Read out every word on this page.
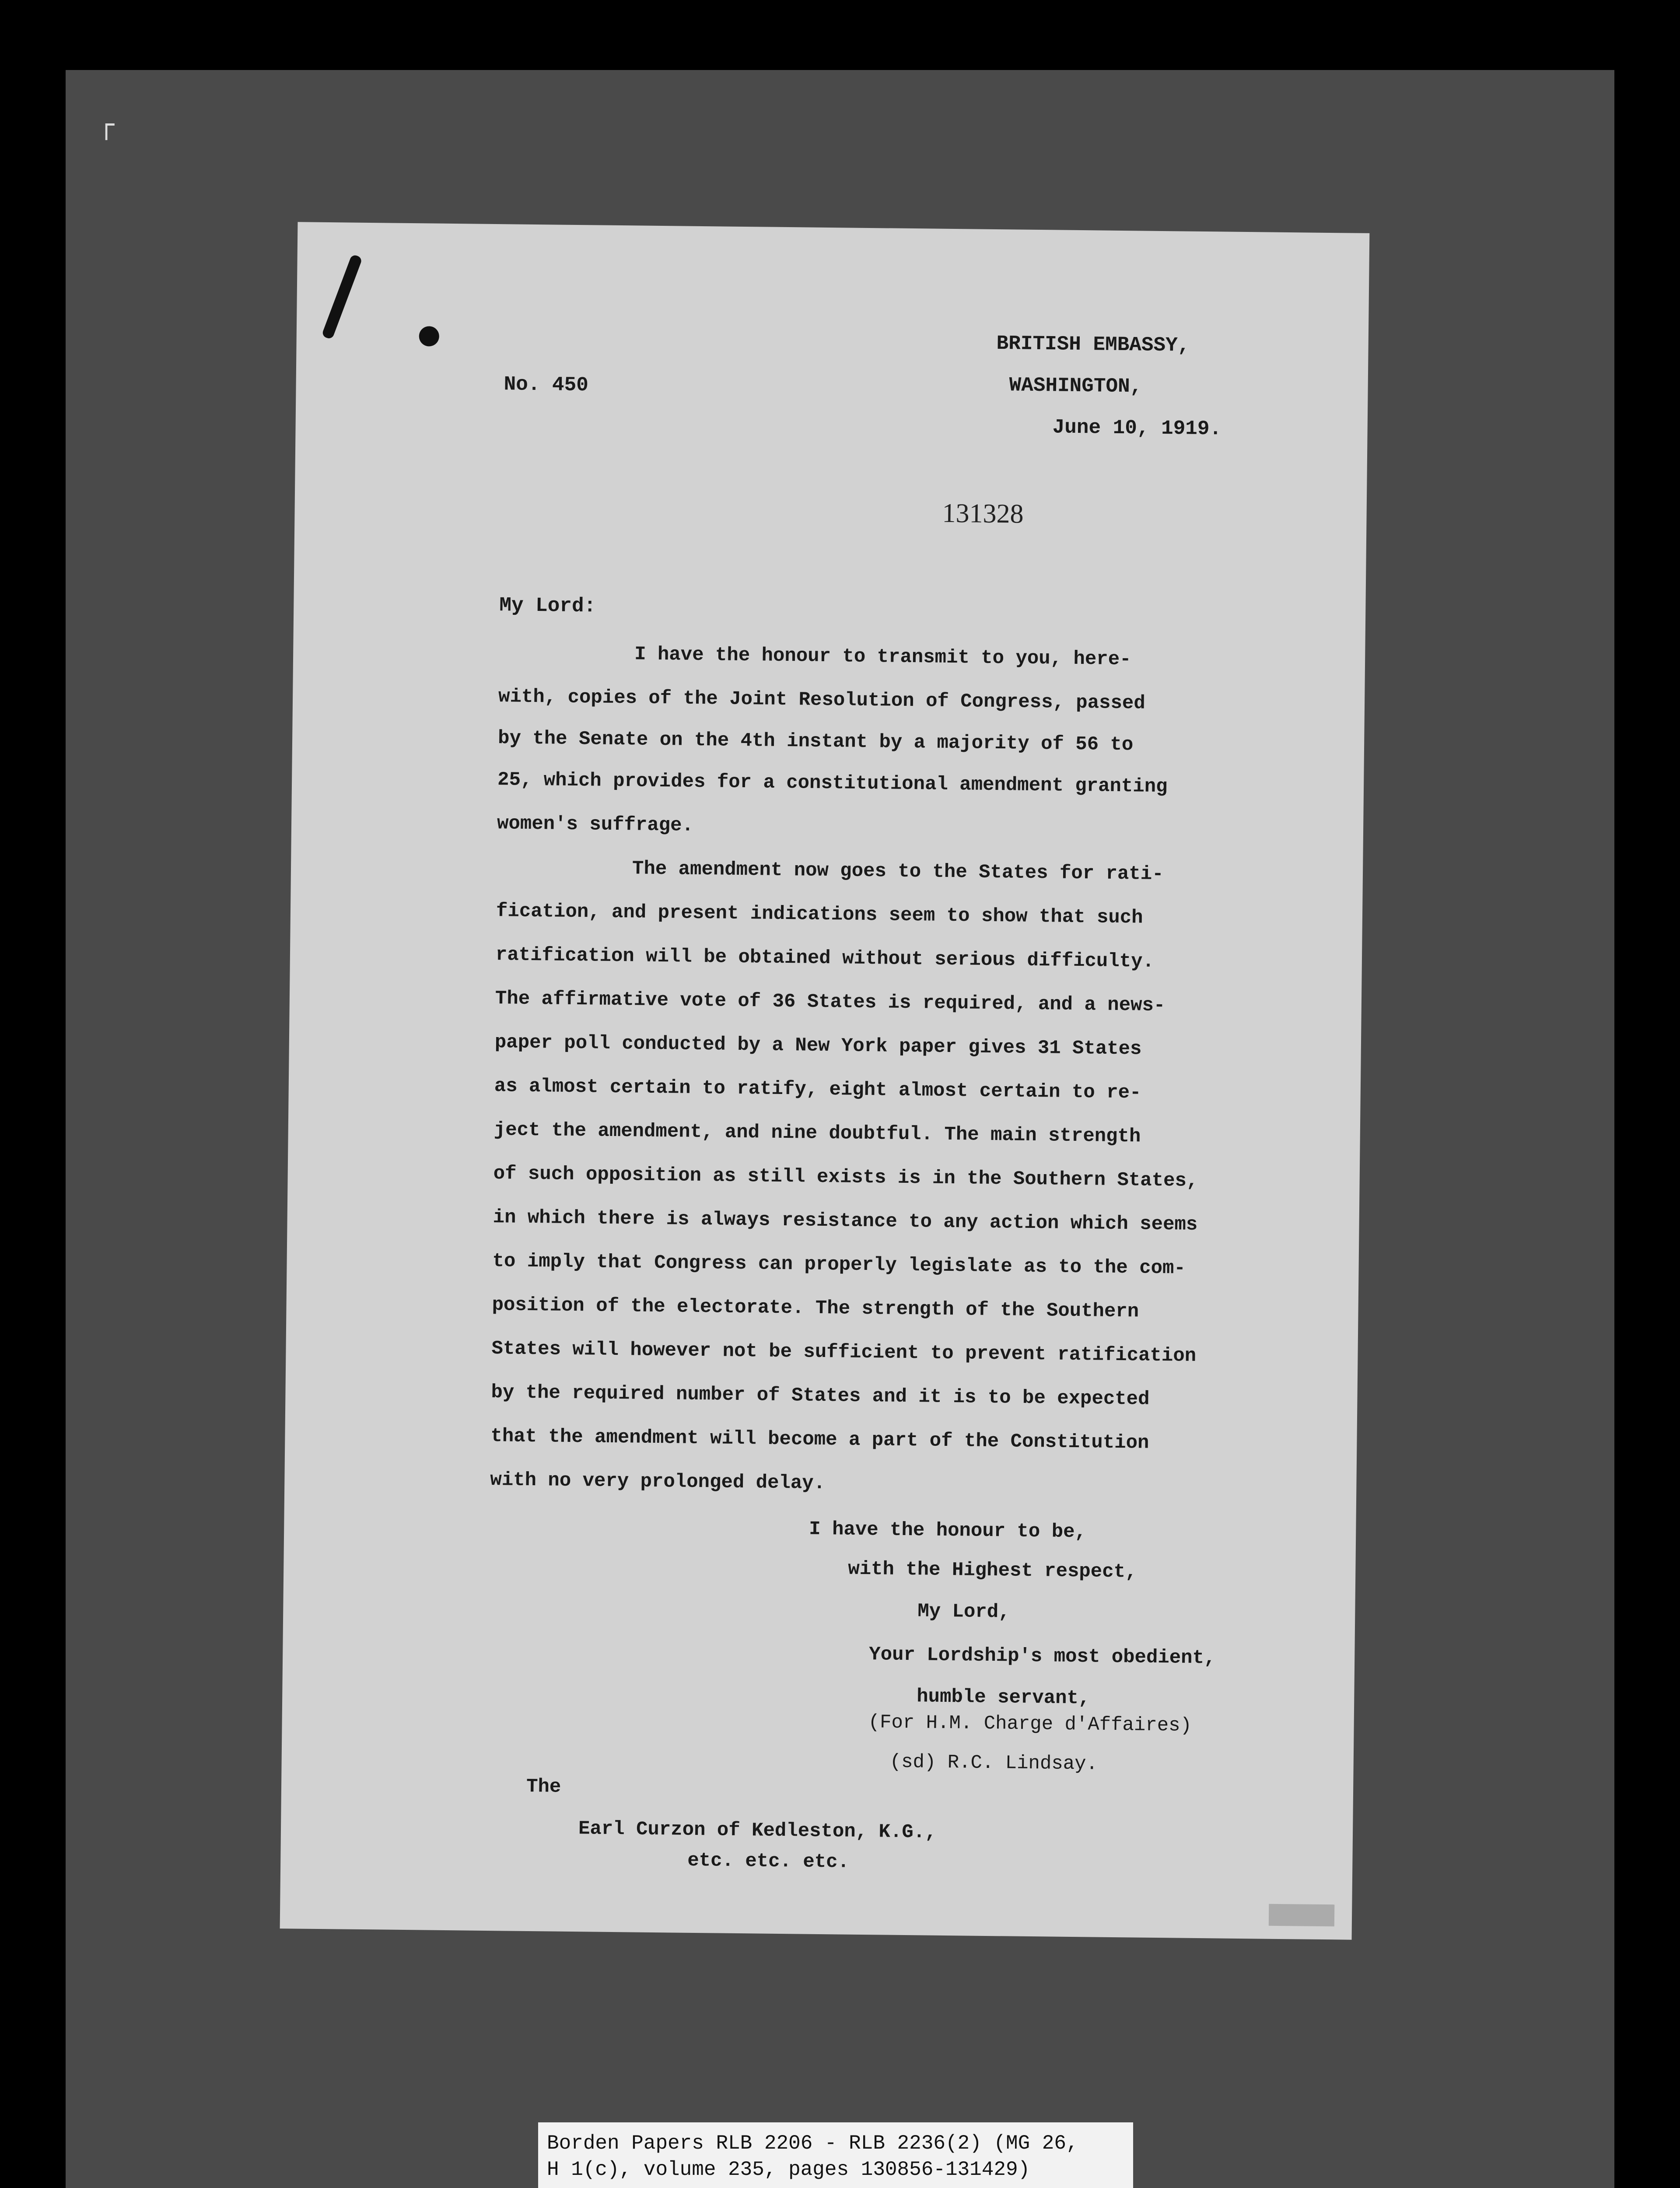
┌
BRITISH EMBASSY,
WASHINGTON,
June 10, 1919.
No. 450
131328
My Lord:
I have the honour to transmit to you, here-
with, copies of the Joint Resolution of Congress, passed
by the Senate on the 4th instant by a majority of 56 to
25, which provides for a constitutional amendment granting
women's suffrage.
The amendment now goes to the States for rati-
fication, and present indications seem to show that such
ratification will be obtained without serious difficulty.
The affirmative vote of 36 States is required, and a news-
paper poll conducted by a New York paper gives 31 States
as almost certain to ratify, eight almost certain to re-
ject the amendment, and nine doubtful. The main strength
of such opposition as still exists is in the Southern States,
in which there is always resistance to any action which seems
to imply that Congress can properly legislate as to the com-
position of the electorate. The strength of the Southern
States will however not be sufficient to prevent ratification
by the required number of States and it is to be expected
that the amendment will become a part of the Constitution
with no very prolonged delay.
I have the honour to be,
with the Highest respect,
My Lord,
Your Lordship's most obedient,
humble servant,
(For H.M. Charge d'Affaires)
(sd) R.C. Lindsay.
The
Earl Curzon of Kedleston, K.G.,
etc. etc. etc.
Borden Papers RLB 2206 - RLB 2236(2) (MG 26,
H 1(c), volume 235, pages 130856-131429)
